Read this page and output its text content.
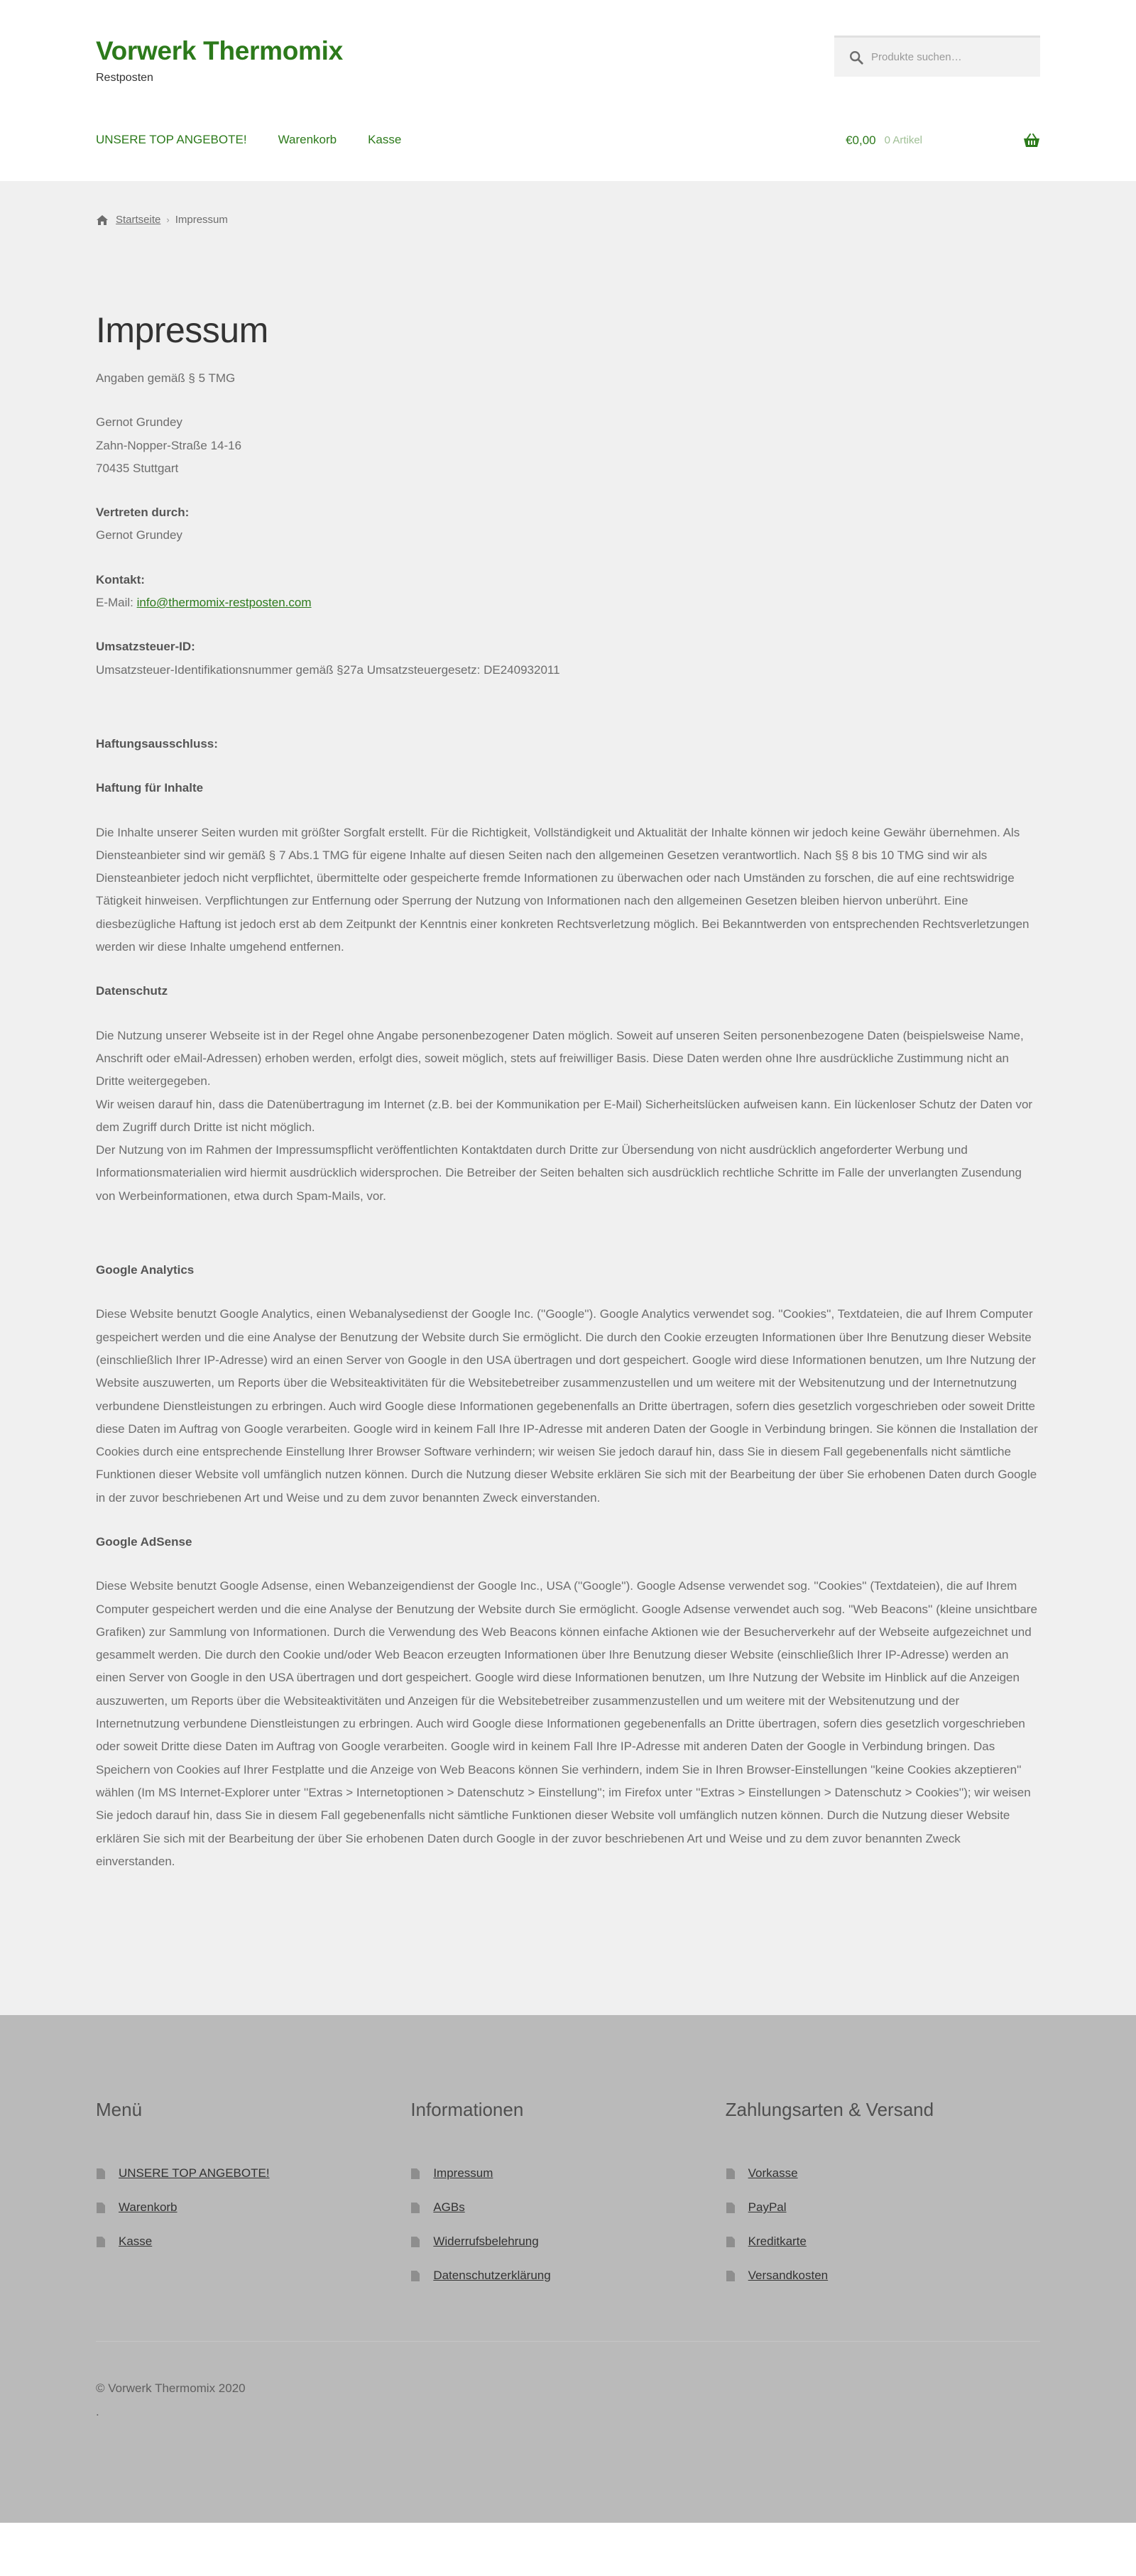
Vorwerk Thermomix
Restposten
Produkte suchen…
UNSERE TOP ANGEBOTE!	Warenkorb	Kasse	€0,00 0 Artikel
Startseite › Impressum
Impressum

Angaben gemäß § 5 TMG

Gernot Grundey
Zahn-Nopper-Straße 14-16
70435 Stuttgart

Vertreten durch:
Gernot Grundey

Kontakt:
E-Mail: info@thermomix-restposten.com

Umsatzsteuer-ID:
Umsatzsteuer-Identifikationsnummer gemäß §27a Umsatzsteuergesetz: DE240932011

Haftungsausschluss:

Haftung für Inhalte

Die Inhalte unserer Seiten wurden mit größter Sorgfalt erstellt. Für die Richtigkeit, Vollständigkeit und Aktualität der Inhalte können wir jedoch keine Gewähr übernehmen. Als Diensteanbieter sind wir gemäß § 7 Abs.1 TMG für eigene Inhalte auf diesen Seiten nach den allgemeinen Gesetzen verantwortlich. Nach §§ 8 bis 10 TMG sind wir als Diensteanbieter jedoch nicht verpflichtet, übermittelte oder gespeicherte fremde Informationen zu überwachen oder nach Umständen zu forschen, die auf eine rechtswidrige Tätigkeit hinweisen. Verpflichtungen zur Entfernung oder Sperrung der Nutzung von Informationen nach den allgemeinen Gesetzen bleiben hiervon unberührt. Eine diesbezügliche Haftung ist jedoch erst ab dem Zeitpunkt der Kenntnis einer konkreten Rechtsverletzung möglich. Bei Bekanntwerden von entsprechenden Rechtsverletzungen werden wir diese Inhalte umgehend entfernen.

Datenschutz

Die Nutzung unserer Webseite ist in der Regel ohne Angabe personenbezogener Daten möglich. Soweit auf unseren Seiten personenbezogene Daten (beispielsweise Name, Anschrift oder eMail-Adressen) erhoben werden, erfolgt dies, soweit möglich, stets auf freiwilliger Basis. Diese Daten werden ohne Ihre ausdrückliche Zustimmung nicht an Dritte weitergegeben.
Wir weisen darauf hin, dass die Datenübertragung im Internet (z.B. bei der Kommunikation per E-Mail) Sicherheitslücken aufweisen kann. Ein lückenloser Schutz der Daten vor dem Zugriff durch Dritte ist nicht möglich.
Der Nutzung von im Rahmen der Impressumspflicht veröffentlichten Kontaktdaten durch Dritte zur Übersendung von nicht ausdrücklich angeforderter Werbung und Informationsmaterialien wird hiermit ausdrücklich widersprochen. Die Betreiber der Seiten behalten sich ausdrücklich rechtliche Schritte im Falle der unverlangten Zusendung von Werbeinformationen, etwa durch Spam-Mails, vor.

Google Analytics

Diese Website benutzt Google Analytics, einen Webanalysedienst der Google Inc. (''Google''). Google Analytics verwendet sog. ''Cookies'', Textdateien, die auf Ihrem Computer gespeichert werden und die eine Analyse der Benutzung der Website durch Sie ermöglicht. Die durch den Cookie erzeugten Informationen über Ihre Benutzung dieser Website (einschließlich Ihrer IP-Adresse) wird an einen Server von Google in den USA übertragen und dort gespeichert. Google wird diese Informationen benutzen, um Ihre Nutzung der Website auszuwerten, um Reports über die Websiteaktivitäten für die Websitebetreiber zusammenzustellen und um weitere mit der Websitenutzung und der Internetnutzung verbundene Dienstleistungen zu erbringen. Auch wird Google diese Informationen gegebenenfalls an Dritte übertragen, sofern dies gesetzlich vorgeschrieben oder soweit Dritte diese Daten im Auftrag von Google verarbeiten. Google wird in keinem Fall Ihre IP-Adresse mit anderen Daten der Google in Verbindung bringen. Sie können die Installation der Cookies durch eine entsprechende Einstellung Ihrer Browser Software verhindern; wir weisen Sie jedoch darauf hin, dass Sie in diesem Fall gegebenenfalls nicht sämtliche Funktionen dieser Website voll umfänglich nutzen können. Durch die Nutzung dieser Website erklären Sie sich mit der Bearbeitung der über Sie erhobenen Daten durch Google in der zuvor beschriebenen Art und Weise und zu dem zuvor benannten Zweck einverstanden.

Google AdSense

Diese Website benutzt Google Adsense, einen Webanzeigendienst der Google Inc., USA (''Google''). Google Adsense verwendet sog. ''Cookies'' (Textdateien), die auf Ihrem Computer gespeichert werden und die eine Analyse der Benutzung der Website durch Sie ermöglicht. Google Adsense verwendet auch sog. ''Web Beacons'' (kleine unsichtbare Grafiken) zur Sammlung von Informationen. Durch die Verwendung des Web Beacons können einfache Aktionen wie der Besucherverkehr auf der Webseite aufgezeichnet und gesammelt werden. Die durch den Cookie und/oder Web Beacon erzeugten Informationen über Ihre Benutzung dieser Website (einschließlich Ihrer IP-Adresse) werden an einen Server von Google in den USA übertragen und dort gespeichert. Google wird diese Informationen benutzen, um Ihre Nutzung der Website im Hinblick auf die Anzeigen auszuwerten, um Reports über die Websiteaktivitäten und Anzeigen für die Websitebetreiber zusammenzustellen und um weitere mit der Websitenutzung und der Internetnutzung verbundene Dienstleistungen zu erbringen. Auch wird Google diese Informationen gegebenenfalls an Dritte übertragen, sofern dies gesetzlich vorgeschrieben oder soweit Dritte diese Daten im Auftrag von Google verarbeiten. Google wird in keinem Fall Ihre IP-Adresse mit anderen Daten der Google in Verbindung bringen. Das Speichern von Cookies auf Ihrer Festplatte und die Anzeige von Web Beacons können Sie verhindern, indem Sie in Ihren Browser-Einstellungen ''keine Cookies akzeptieren'' wählen (Im MS Internet-Explorer unter ''Extras > Internetoptionen > Datenschutz > Einstellung''; im Firefox unter ''Extras > Einstellungen > Datenschutz > Cookies''); wir weisen Sie jedoch darauf hin, dass Sie in diesem Fall gegebenenfalls nicht sämtliche Funktionen dieser Website voll umfänglich nutzen können. Durch die Nutzung dieser Website erklären Sie sich mit der Bearbeitung der über Sie erhobenen Daten durch Google in der zuvor beschriebenen Art und Weise und zu dem zuvor benannten Zweck einverstanden.

Menü
UNSERE TOP ANGEBOTE!
Warenkorb
Kasse
Informationen
Impressum
AGBs
Widerrufsbelehrung
Datenschutzerklärung
Zahlungsarten & Versand
Vorkasse
PayPal
Kreditkarte
Versandkosten
© Vorwerk Thermomix 2020
.
